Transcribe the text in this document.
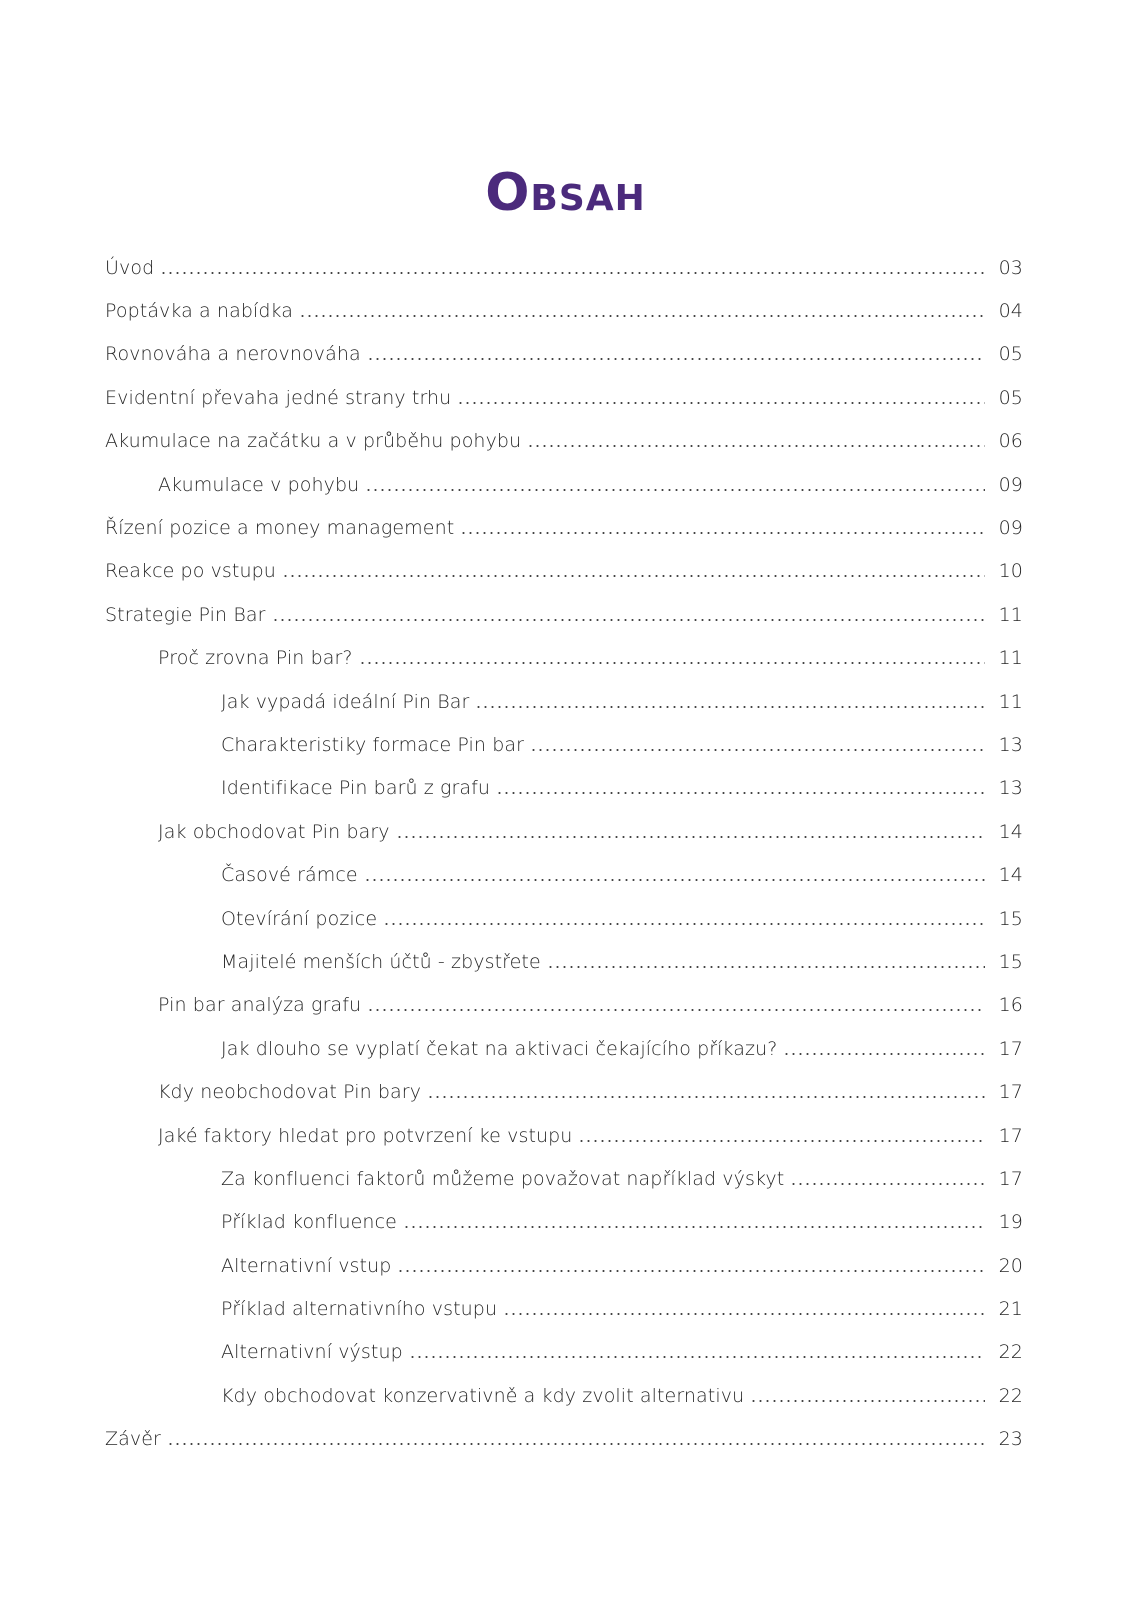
Obsah
Úvod	03
Poptávka a nabídka	04
Rovnováha a nerovnováha	05
Evidentní převaha jedné strany trhu	05
Akumulace na začátku a v průběhu pohybu	06
Akumulace v pohybu	09
Řízení pozice a money management	09
Reakce po vstupu	10
Strategie Pin Bar	11
Proč zrovna Pin bar?	11
Jak vypadá ideální Pin Bar	11
Charakteristiky formace Pin bar	13
Identifikace Pin barů z grafu	13
Jak obchodovat Pin bary	14
Časové rámce	14
Otevírání pozice	15
Majitelé menších účtů - zbystřete	15
Pin bar analýza grafu	16
Jak dlouho se vyplatí čekat na aktivaci čekajícího příkazu?	17
Kdy neobchodovat Pin bary	17
Jaké faktory hledat pro potvrzení ke vstupu	17
Za konfluenci faktorů můžeme považovat například výskyt	17
Příklad konfluence	19
Alternativní vstup	20
Příklad alternativního vstupu	21
Alternativní výstup	22
Kdy obchodovat konzervativně a kdy zvolit alternativu	22
Závěr	23
